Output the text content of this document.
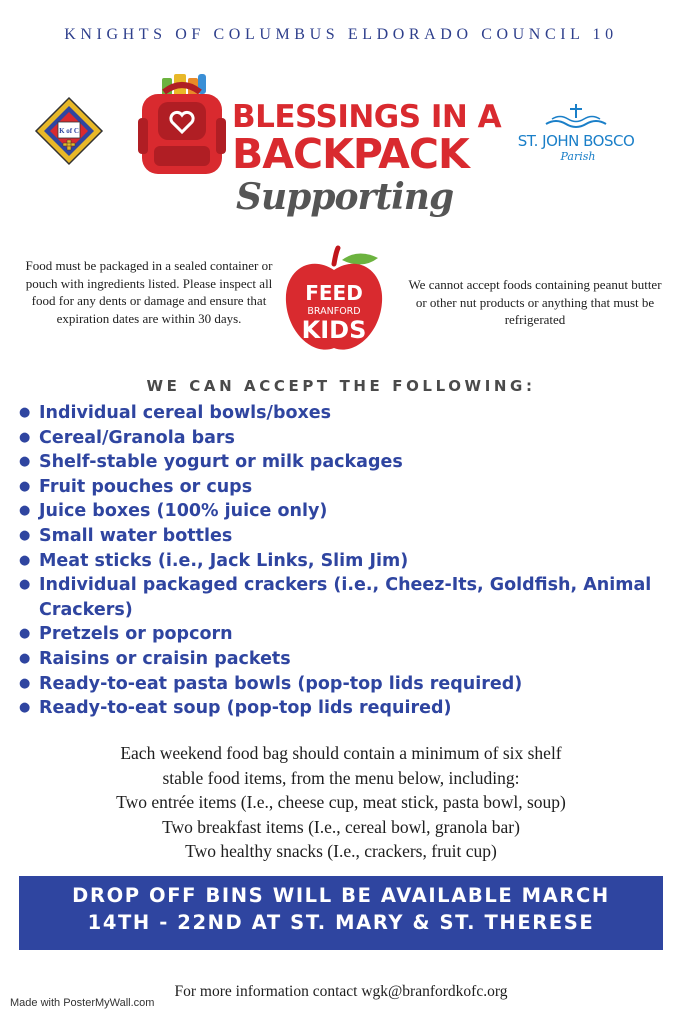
KNIGHTS OF COLUMBUS ELDORADO COUNCIL 10
K of C	BLESSINGS IN A
BACKPACK
Supporting
ST. JOHN BOSCO
Parish
Food must be packaged in a sealed container or pouch with ingredients listed. Please inspect all food for any dents or damage and ensure that expiration dates are within 30 days.
FEED
BRANFORD
KIDS
We cannot accept foods containing peanut butter or other nut products or anything that must be refrigerated
WE CAN ACCEPT THE FOLLOWING:
● Individual cereal bowls/boxes
● Cereal/Granola bars
● Shelf-stable yogurt or milk packages
● Fruit pouches or cups
● Juice boxes (100% juice only)
● Small water bottles
● Meat sticks (i.e., Jack Links, Slim Jim)
● Individual packaged crackers (i.e., Cheez-Its, Goldfish, Animal Crackers)
● Pretzels or popcorn
● Raisins or craisin packets
● Ready-to-eat pasta bowls (pop-top lids required)
● Ready-to-eat soup (pop-top lids required)
Each weekend food bag should contain a minimum of six shelf
stable food items, from the menu below, including:
Two entrée items (I.e., cheese cup, meat stick, pasta bowl, soup)
Two breakfast items (I.e., cereal bowl, granola bar)
Two healthy snacks (I.e., crackers, fruit cup)
DROP OFF BINS WILL BE AVAILABLE MARCH
14TH - 22ND AT ST. MARY & ST. THERESE
For more information contact wgk@branfordkofc.org
Made with PosterMyWall.com
